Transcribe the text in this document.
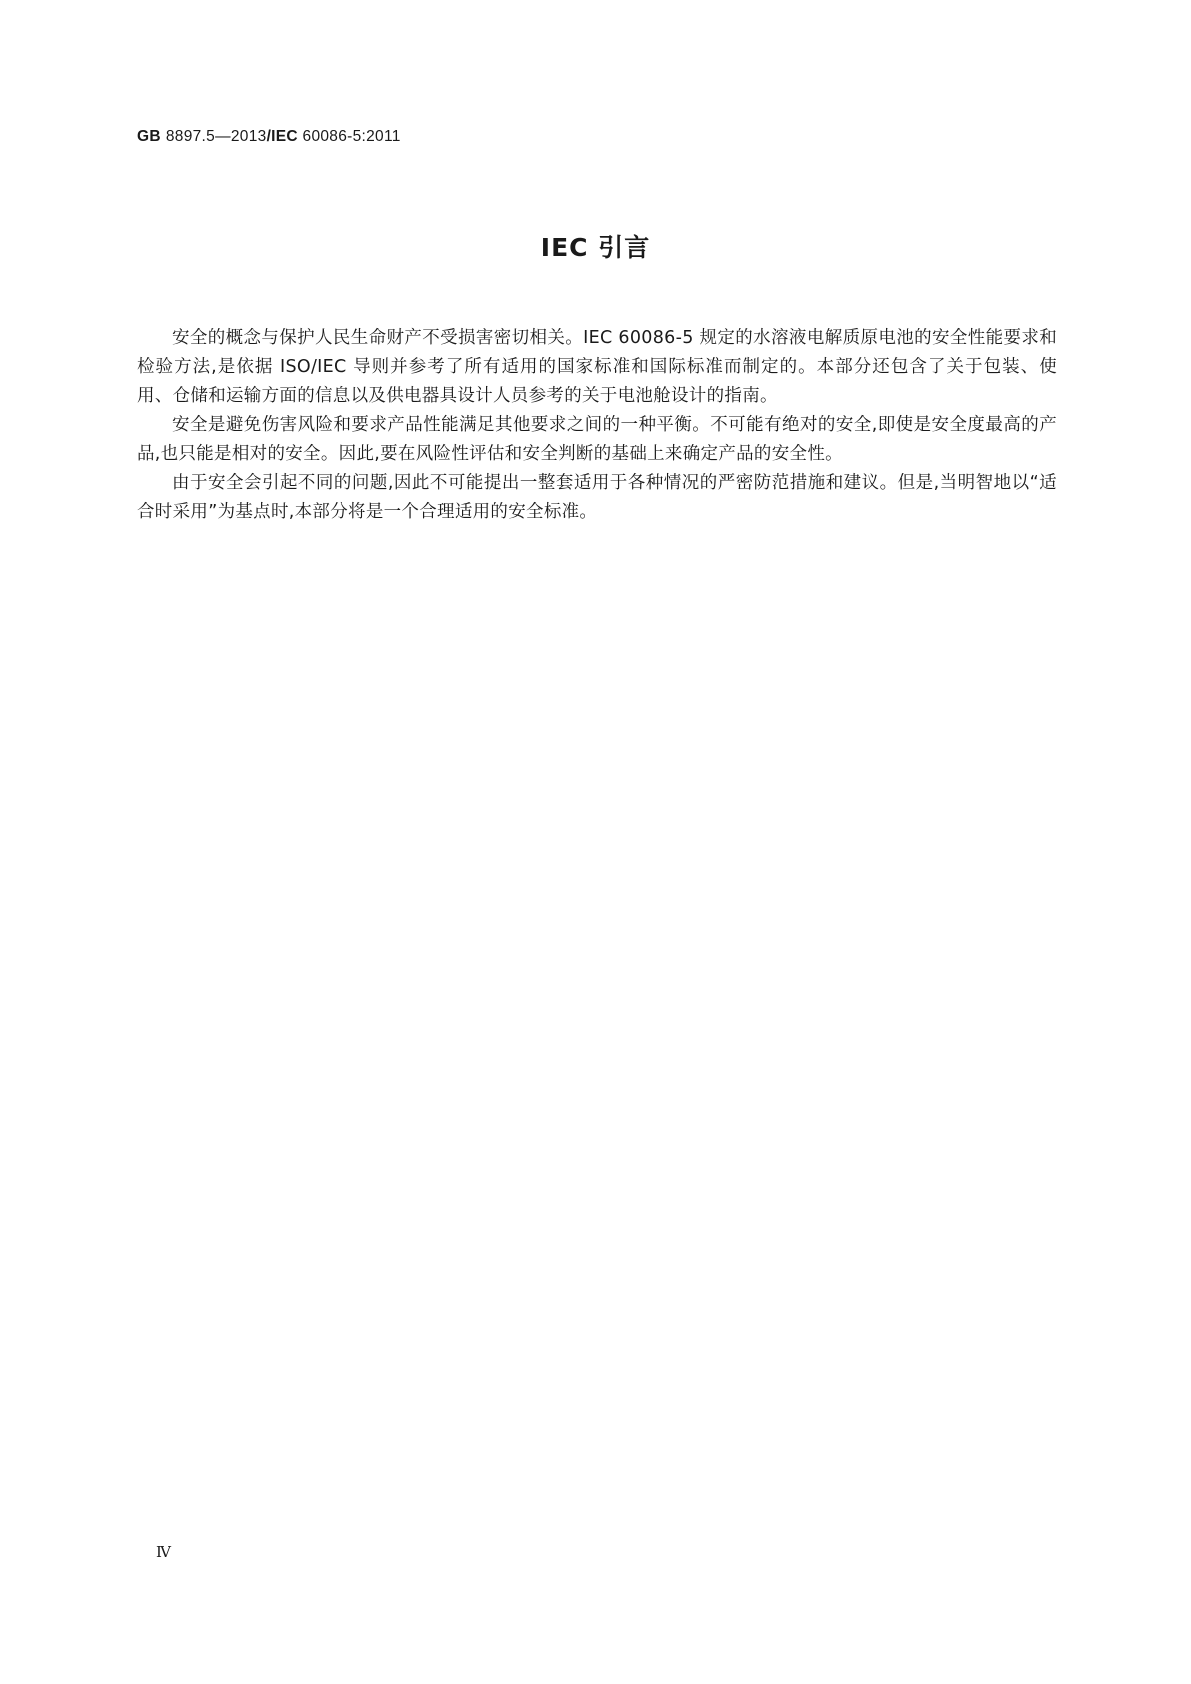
GB 8897.5—2013/IEC 60086-5:2011
IEC 引言

安全的概念与保护人民生命财产不受损害密切相关。IEC 60086-5 规定的水溶液电解质原电池的安全性能要求和检验方法,是依据 ISO/IEC 导则并参考了所有适用的国家标准和国际标准而制定的。本部分还包含了关于包装、使用、仓储和运输方面的信息以及供电器具设计人员参考的关于电池舱设计的指南。

安全是避免伤害风险和要求产品性能满足其他要求之间的一种平衡。不可能有绝对的安全,即使是安全度最高的产品,也只能是相对的安全。因此,要在风险性评估和安全判断的基础上来确定产品的安全性。

由于安全会引起不同的问题,因此不可能提出一整套适用于各种情况的严密防范措施和建议。但是,当明智地以“适合时采用”为基点时,本部分将是一个合理适用的安全标准。

Ⅳ
